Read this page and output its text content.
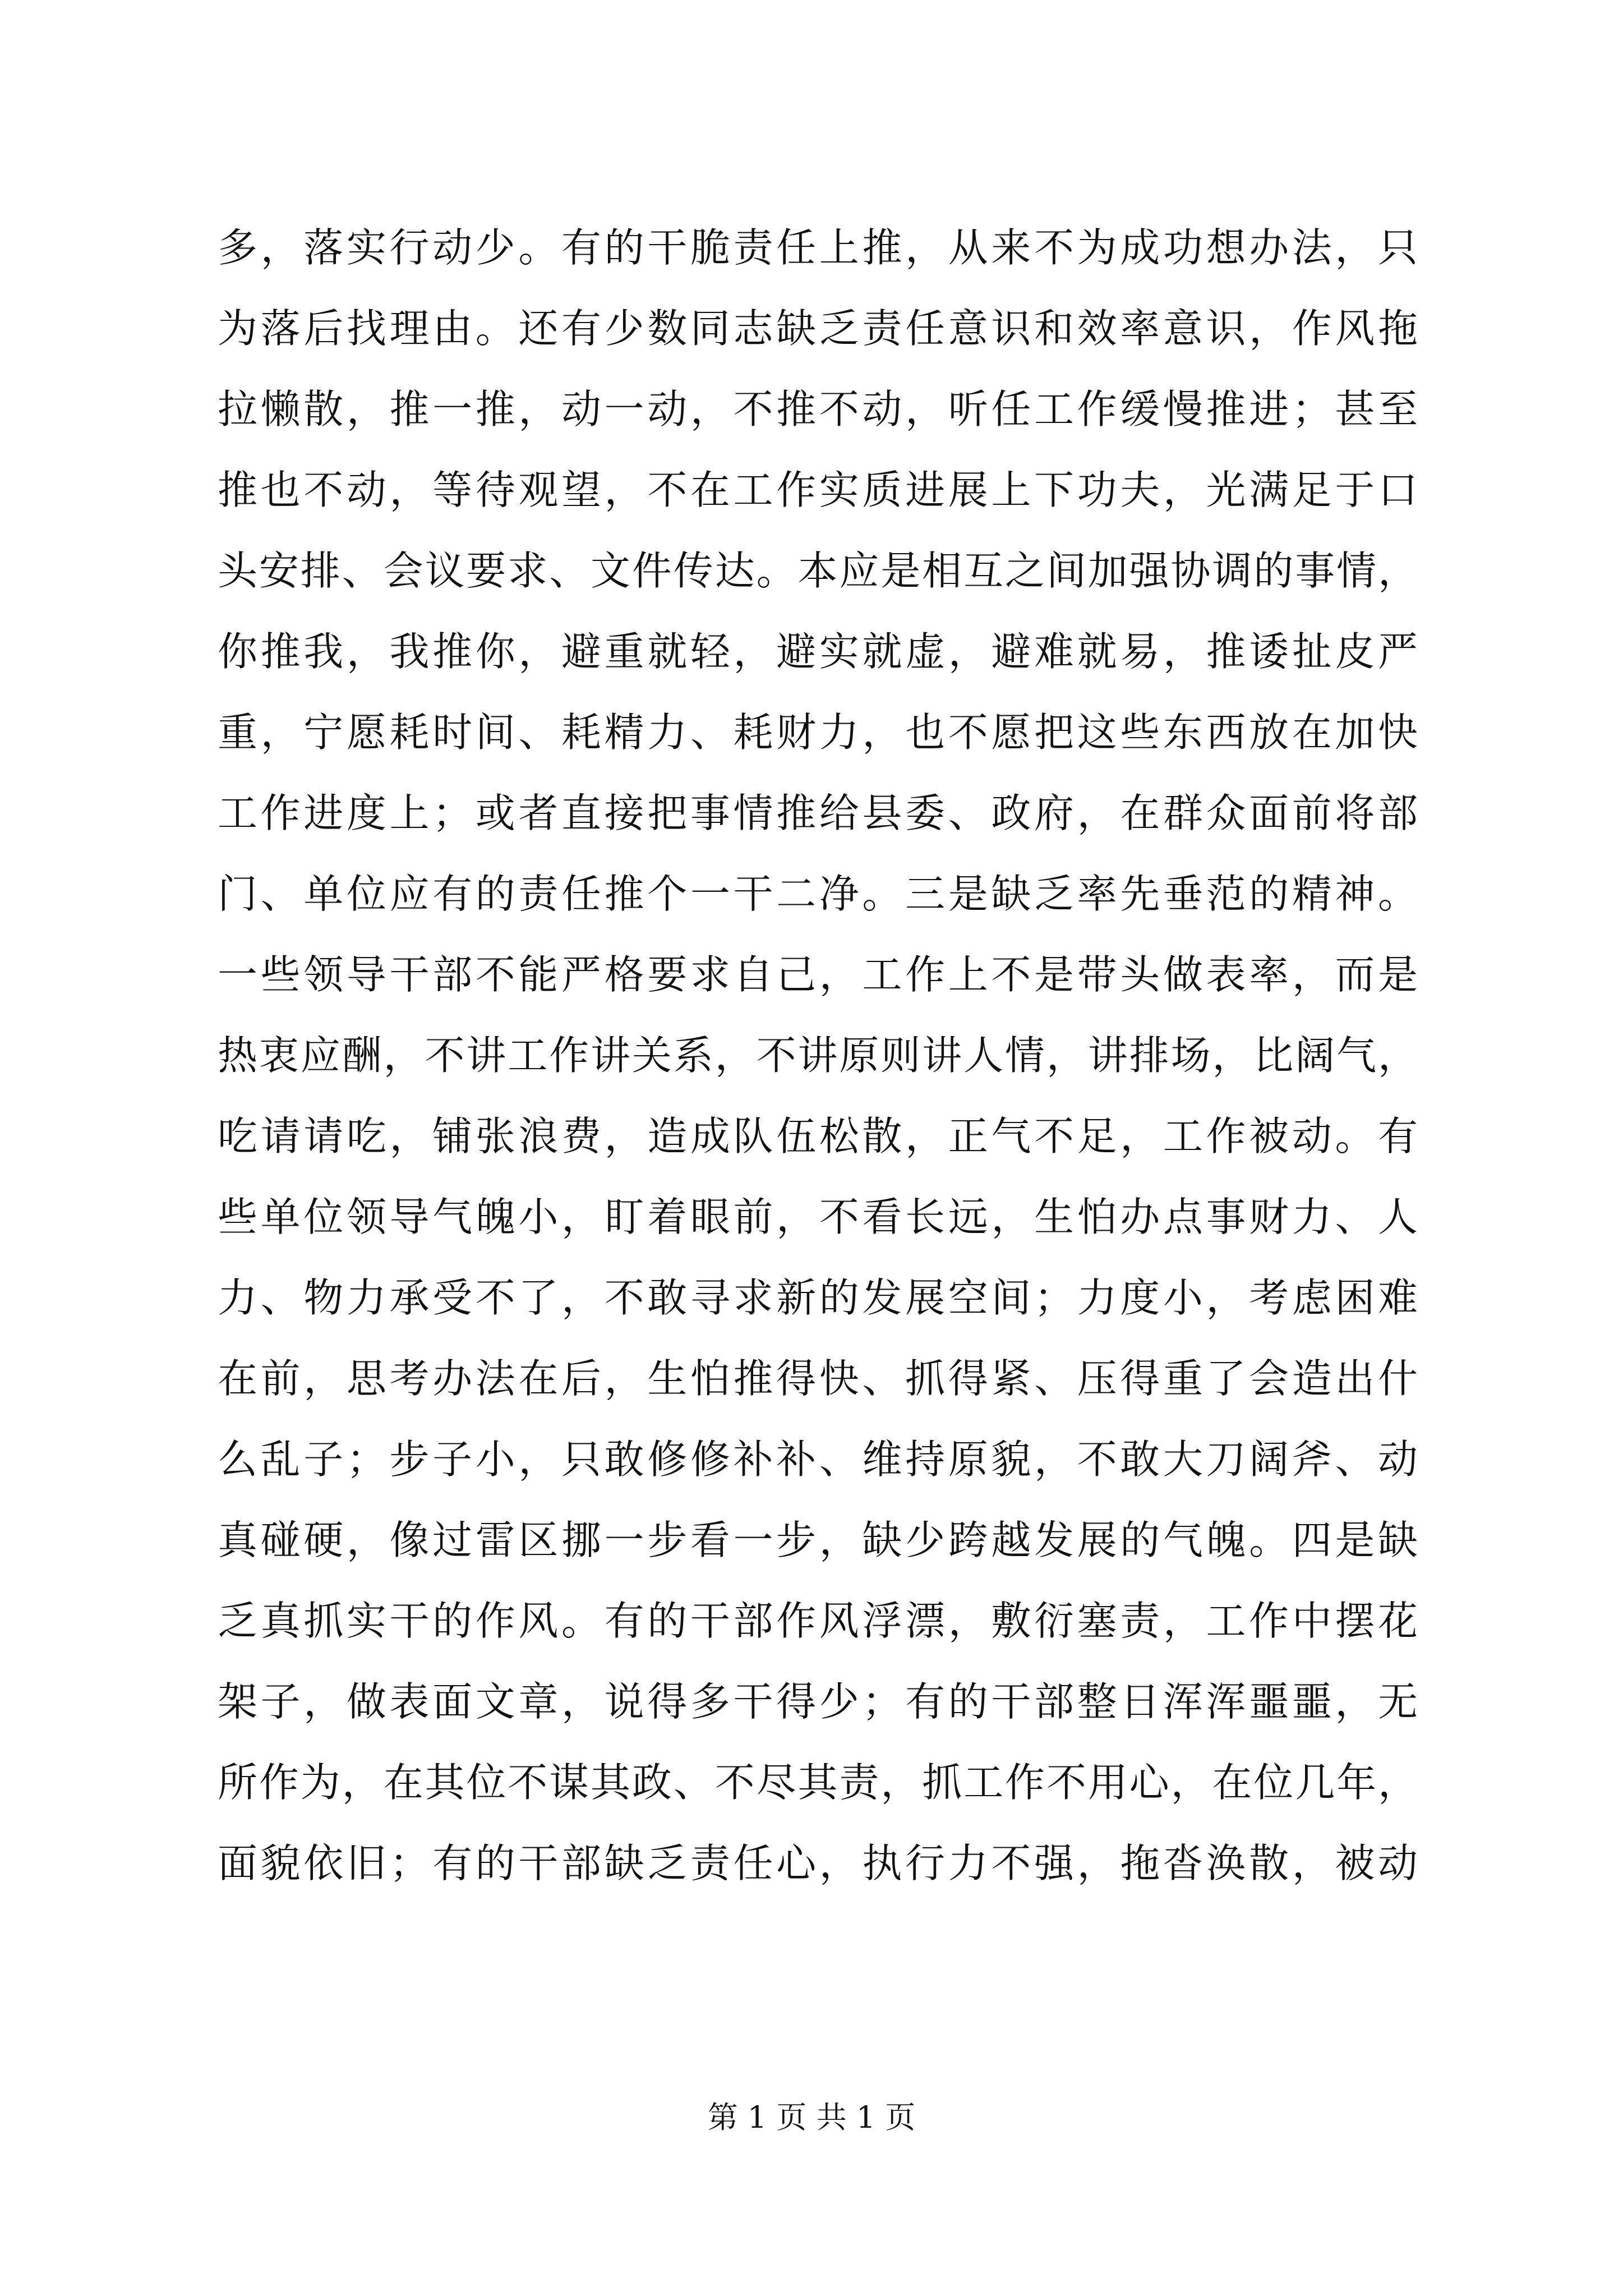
多，落实行动少。有的干脆责任上推，从来不为成功想办法，只
为落后找理由。还有少数同志缺乏责任意识和效率意识，作风拖
拉懒散，推一推，动一动，不推不动，听任工作缓慢推进；甚至
推也不动，等待观望，不在工作实质进展上下功夫，光满足于口
头安排、会议要求、文件传达。本应是相互之间加强协调的事情，
你推我，我推你，避重就轻，避实就虚，避难就易，推诿扯皮严
重，宁愿耗时间、耗精力、耗财力，也不愿把这些东西放在加快
工作进度上；或者直接把事情推给县委、政府，在群众面前将部
门、单位应有的责任推个一干二净。三是缺乏率先垂范的精神。
一些领导干部不能严格要求自己，工作上不是带头做表率，而是
热衷应酬，不讲工作讲关系，不讲原则讲人情，讲排场，比阔气，
吃请请吃，铺张浪费，造成队伍松散，正气不足，工作被动。有
些单位领导气魄小，盯着眼前，不看长远，生怕办点事财力、人
力、物力承受不了，不敢寻求新的发展空间；力度小，考虑困难
在前，思考办法在后，生怕推得快、抓得紧、压得重了会造出什
么乱子；步子小，只敢修修补补、维持原貌，不敢大刀阔斧、动
真碰硬，像过雷区挪一步看一步，缺少跨越发展的气魄。四是缺
乏真抓实干的作风。有的干部作风浮漂，敷衍塞责，工作中摆花
架子，做表面文章，说得多干得少；有的干部整日浑浑噩噩，无
所作为，在其位不谋其政、不尽其责，抓工作不用心，在位几年，
面貌依旧；有的干部缺乏责任心，执行力不强，拖沓涣散，被动
第 1 页 共 1 页
